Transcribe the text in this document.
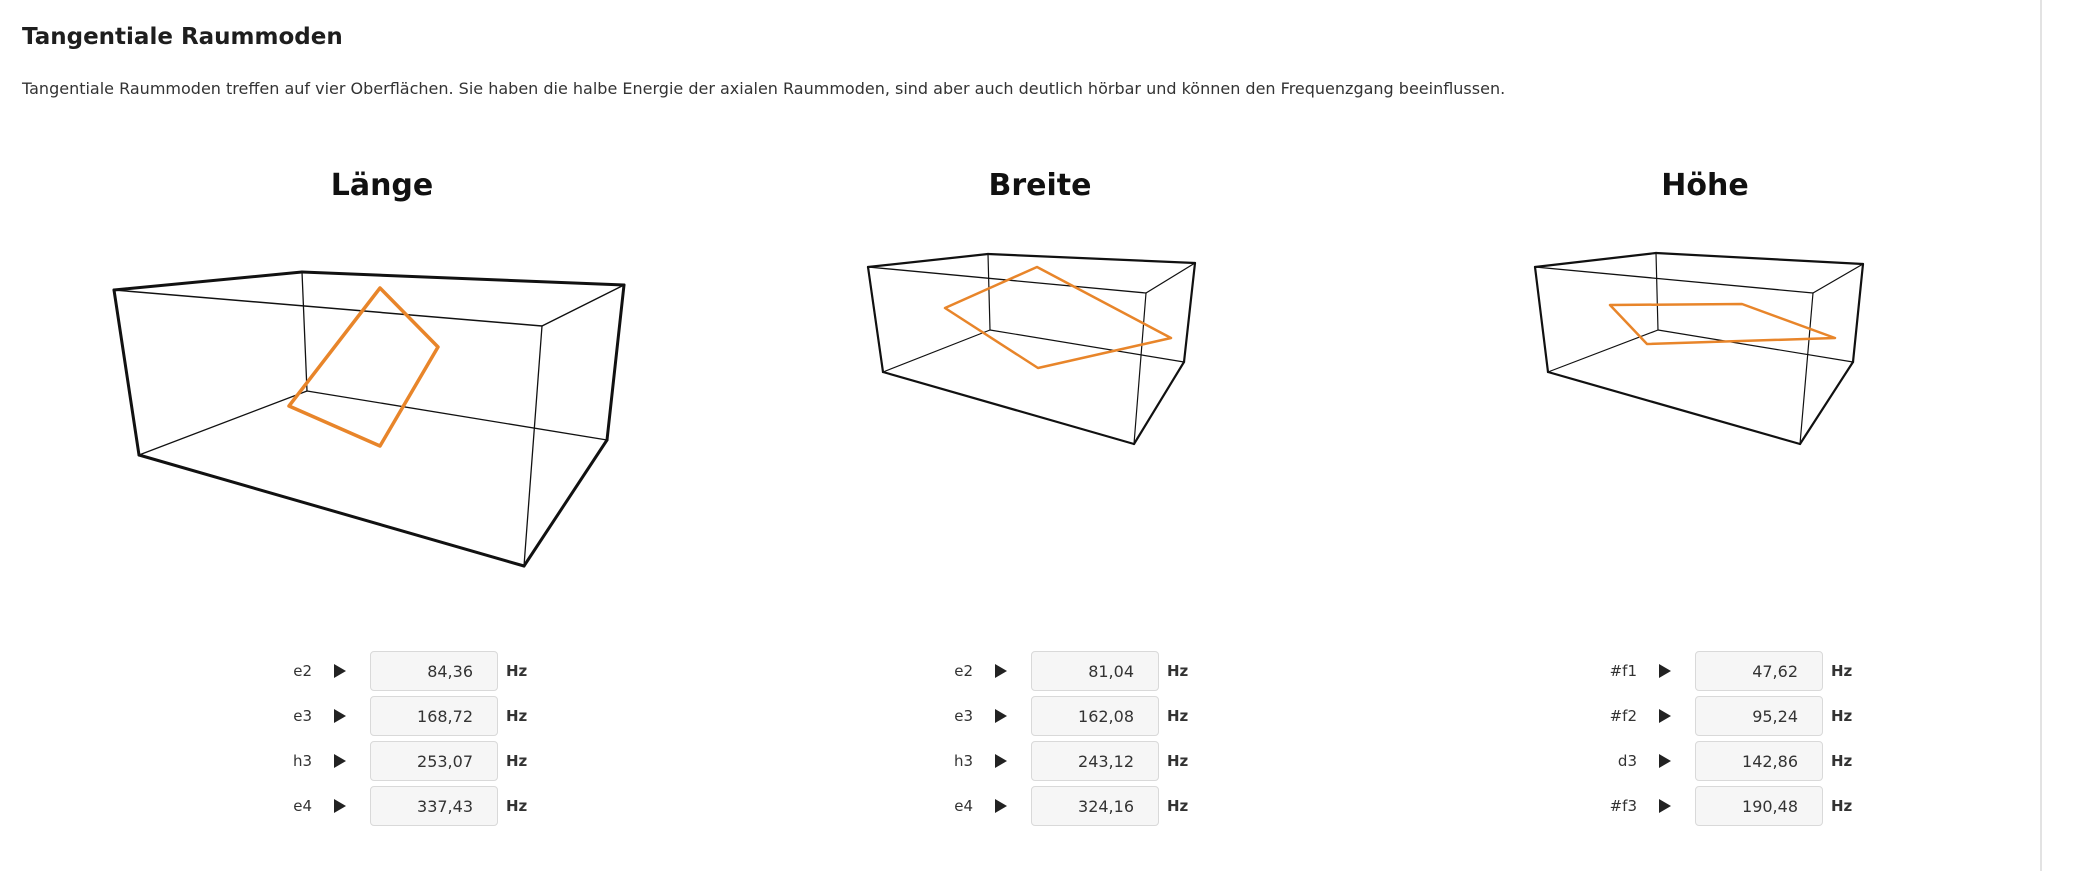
Tangentiale Raummoden

Tangentiale Raummoden treffen auf vier Oberflächen. Sie haben die halbe Energie der axialen Raummoden, sind aber auch deutlich hörbar und können den Frequenzgang beeinflussen.

Länge
e2
84,36	Hz
e3
168,72	Hz
h3
253,07	Hz
e4
337,43	Hz
Breite
e2
81,04	Hz
e3
162,08	Hz
h3
243,12	Hz
e4
324,16	Hz
Höhe
#f1
47,62	Hz
#f2
95,24	Hz
d3
142,86	Hz
#f3
190,48	Hz
